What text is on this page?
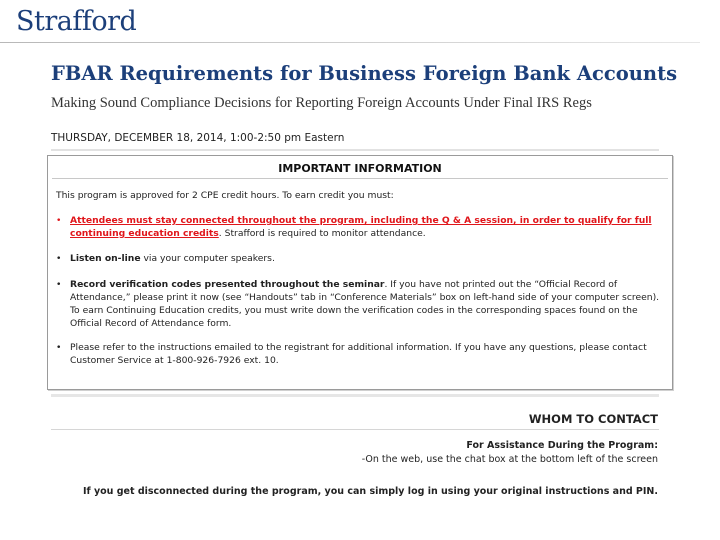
Strafford
FBAR Requirements for Business Foreign Bank Accounts
Making Sound Compliance Decisions for Reporting Foreign Accounts Under Final IRS Regs
THURSDAY, DECEMBER 18, 2014, 1:00-2:50 pm Eastern
IMPORTANT INFORMATION
This program is approved for 2 CPE credit hours. To earn credit you must:
• Attendees must stay connected throughout the program, including the Q & A session, in order to qualify for full continuing education credits. Strafford is required to monitor attendance.
• Listen on-line via your computer speakers.
• Record verification codes presented throughout the seminar. If you have not printed out the “Official Record of Attendance,” please print it now (see “Handouts” tab in “Conference Materials” box on left-hand side of your computer screen). To earn Continuing Education credits, you must write down the verification codes in the corresponding spaces found on the Official Record of Attendance form.
• Please refer to the instructions emailed to the registrant for additional information. If you have any questions, please contact Customer Service at 1-800-926-7926 ext. 10.
WHOM TO CONTACT
For Assistance During the Program:
-On the web, use the chat box at the bottom left of the screen
If you get disconnected during the program, you can simply log in using your original instructions and PIN.
